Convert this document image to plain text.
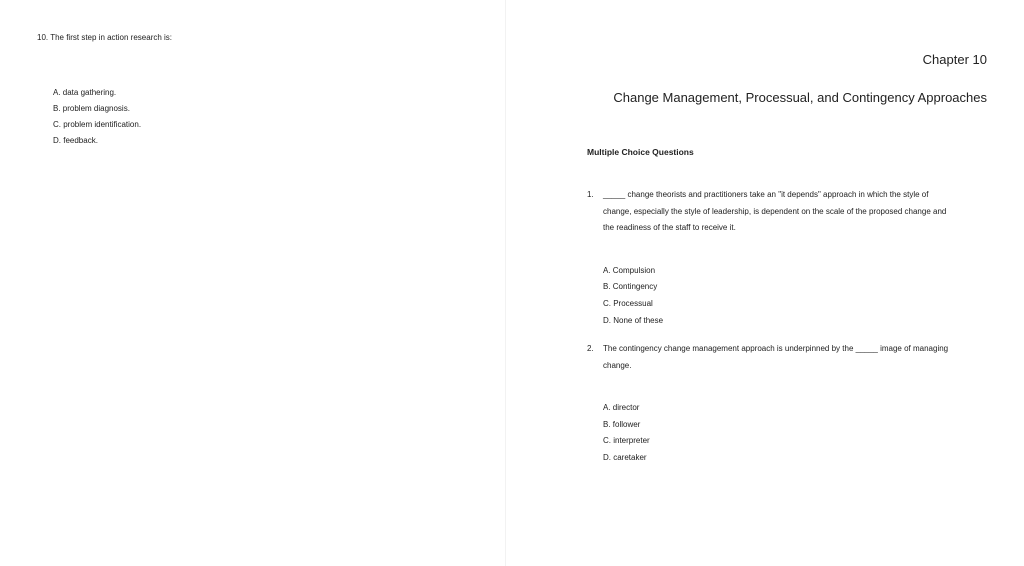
10. The first step in action research is:
A. data gathering.
B. problem diagnosis.
C. problem identification.
D. feedback.
Chapter 10
Change Management, Processual, and Contingency Approaches
Multiple Choice Questions
1. _____ change theorists and practitioners take an "it depends" approach in which the style of
change, especially the style of leadership, is dependent on the scale of the proposed change and
the readiness of the staff to receive it.
A. Compulsion
B. Contingency
C. Processual
D. None of these
2. The contingency change management approach is underpinned by the _____ image of managing
change.
A. director
B. follower
C. interpreter
D. caretaker
